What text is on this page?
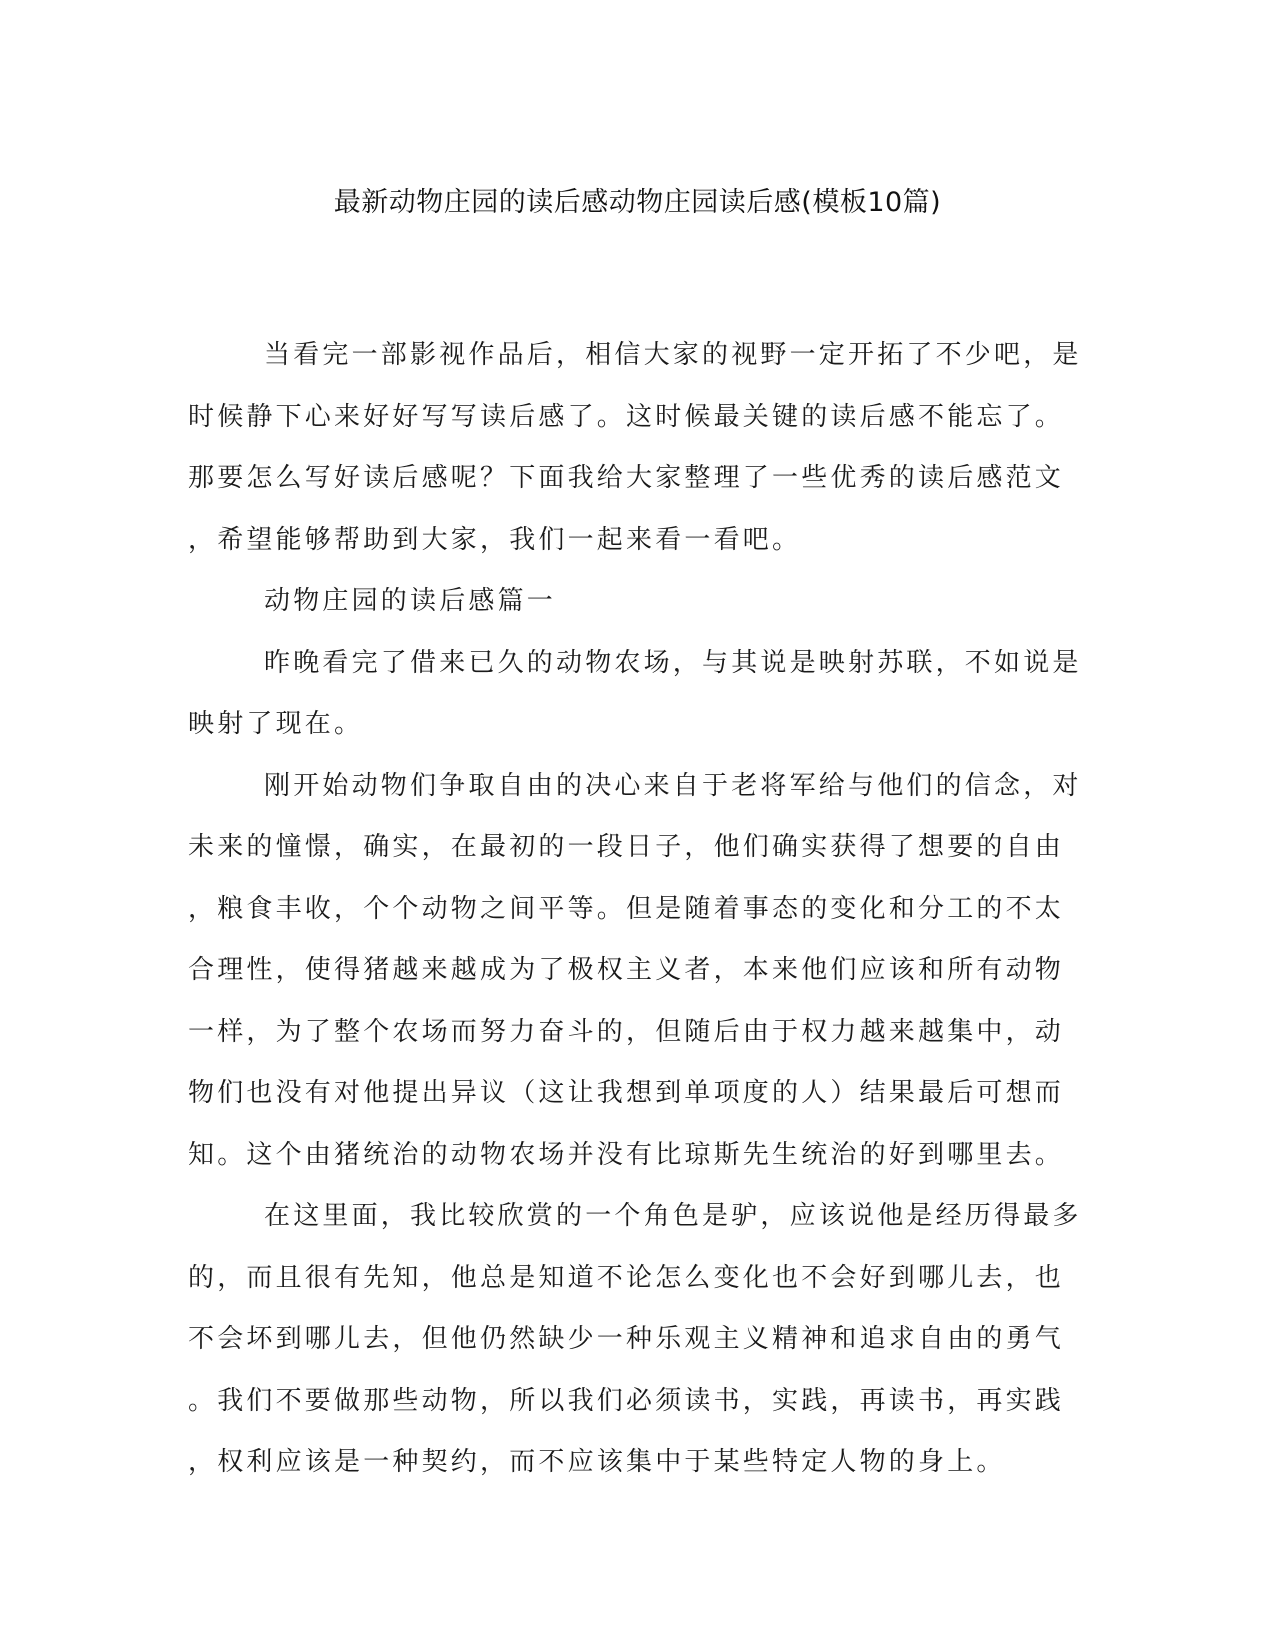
最新动物庄园的读后感动物庄园读后感(模板10篇)

当看完一部影视作品后，相信大家的视野一定开拓了不少吧，是
时候静下心来好好写写读后感了。这时候最关键的读后感不能忘了。
那要怎么写好读后感呢？下面我给大家整理了一些优秀的读后感范文
，希望能够帮助到大家，我们一起来看一看吧。

动物庄园的读后感篇一

昨晚看完了借来已久的动物农场，与其说是映射苏联，不如说是
映射了现在。

刚开始动物们争取自由的决心来自于老将军给与他们的信念，对
未来的憧憬，确实，在最初的一段日子，他们确实获得了想要的自由
，粮食丰收，个个动物之间平等。但是随着事态的变化和分工的不太
合理性，使得猪越来越成为了极权主义者，本来他们应该和所有动物
一样，为了整个农场而努力奋斗的，但随后由于权力越来越集中，动
物们也没有对他提出异议（这让我想到单项度的人）结果最后可想而
知。这个由猪统治的动物农场并没有比琼斯先生统治的好到哪里去。

在这里面，我比较欣赏的一个角色是驴，应该说他是经历得最多
的，而且很有先知，他总是知道不论怎么变化也不会好到哪儿去，也
不会坏到哪儿去，但他仍然缺少一种乐观主义精神和追求自由的勇气
。我们不要做那些动物，所以我们必须读书，实践，再读书，再实践
，权利应该是一种契约，而不应该集中于某些特定人物的身上。
